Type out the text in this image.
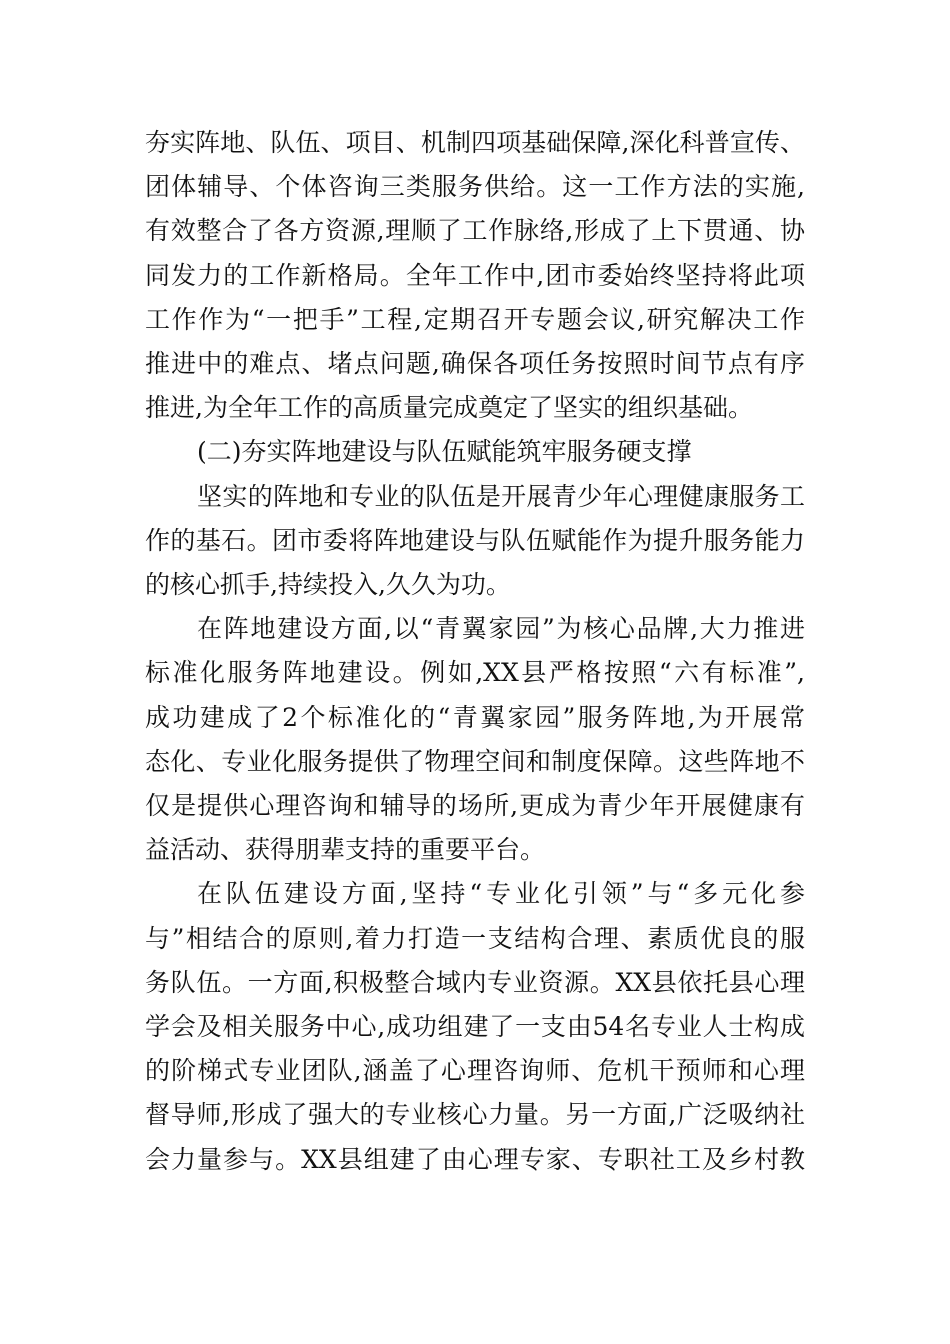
夯实阵地、队伍、项目、机制四项基础保障,深化科普宣传、
团体辅导、个体咨询三类服务供给。这一工作方法的实施,
有效整合了各方资源,理顺了工作脉络,形成了上下贯通、协
同发力的工作新格局。全年工作中,团市委始终坚持将此项
工作作为“一把手”工程,定期召开专题会议,研究解决工作
推进中的难点、堵点问题,确保各项任务按照时间节点有序
推进,为全年工作的高质量完成奠定了坚实的组织基础。
(二)夯实阵地建设与队伍赋能筑牢服务硬支撑
坚实的阵地和专业的队伍是开展青少年心理健康服务工
作的基石。团市委将阵地建设与队伍赋能作为提升服务能力
的核心抓手,持续投入,久久为功。
在阵地建设方面,以“青翼家园”为核心品牌,大力推进
标准化服务阵地建设。例如,XX县严格按照“六有标准”,
成功建成了2个标准化的“青翼家园”服务阵地,为开展常
态化、专业化服务提供了物理空间和制度保障。这些阵地不
仅是提供心理咨询和辅导的场所,更成为青少年开展健康有
益活动、获得朋辈支持的重要平台。
在队伍建设方面,坚持“专业化引领”与“多元化参
与”相结合的原则,着力打造一支结构合理、素质优良的服
务队伍。一方面,积极整合域内专业资源。XX县依托县心理
学会及相关服务中心,成功组建了一支由54名专业人士构成
的阶梯式专业团队,涵盖了心理咨询师、危机干预师和心理
督导师,形成了强大的专业核心力量。另一方面,广泛吸纳社
会力量参与。XX县组建了由心理专家、专职社工及乡村教
